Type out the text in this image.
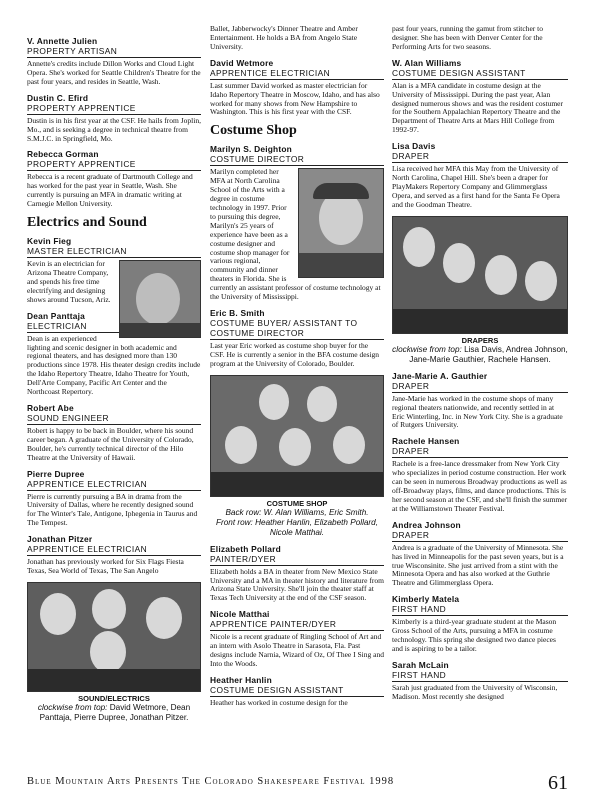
V. Annette Julien

PROPERTY ARTISAN

Annette's credits include Dillon Works and Cloud Light Opera. She's worked for Seattle Children's Theatre for the past four years, and resides in Seattle, Wash.

Dustin C. Efird

PROPERTY APPRENTICE

Dustin is in his first year at the CSF. He hails from Joplin, Mo., and is seeking a degree in technical theatre from S.M.J.C. in Springfield, Mo.

Rebecca Gorman

PROPERTY APPRENTICE

Rebecca is a recent graduate of Dartmouth College and has worked for the past year in Seattle, Wash. She currently is pursuing an MFA in dramatic writing at Carnegie Mellon University.

Electrics and Sound

Kevin Fieg

MASTER ELECTRICIAN

Kevin is an electrician for Arizona Theatre Company, and spends his free time electrifying and designing shows around Tucson, Ariz.

Dean Panttaja

ELECTRICIAN

Dean is an experienced lighting and scenic designer in both academic and regional theaters, and has designed more than 130 productions since 1978. His theater design credits include the Idaho Repertory Theatre, Idaho Theatre for Youth, Dell'Arte Company, Pacific Art Center and the Northcoast Repertory.

Robert Abe

SOUND ENGINEER

Robert is happy to be back in Boulder, where his sound career began. A graduate of the University of Colorado, Boulder, he's currently technical director of the Hilo Theatre at the University of Hawaii.

Pierre Dupree

APPRENTICE ELECTRICIAN

Pierre is currently pursuing a BA in drama from the University of Dallas, where he recently designed sound for The Winter's Tale, Antigone, Iphegenia in Taurus and The Tempest.

Jonathan Pitzer

APPRENTICE ELECTRICIAN

Jonathan has previously worked for Six Flags Fiesta Texas, Sea World of Texas, The San Angelo

SOUND/ELECTRICS

clockwise from top: David Wetmore, Dean Panttaja, Pierre Dupree, Jonathan Pitzer.

Ballet, Jabberwocky's Dinner Theatre and Amber Entertainment. He holds a BA from Angelo State University.

David Wetmore

APPRENTICE ELECTRICIAN

Last summer David worked as master electrician for Idaho Repertory Theatre in Moscow, Idaho, and has also worked for many shows from New Hampshire to Washington. This is his first year with the CSF.

Costume Shop

Marilyn S. Deighton

COSTUME DIRECTOR

Marilyn completed her MFA at North Carolina School of the Arts with a degree in costume technology in 1997. Prior to pursuing this degree, Marilyn's 25 years of experience have been as a costume designer and costume shop manager for various regional, community and dinner theaters in Florida. She is currently an assistant professor of costume technology at the University of Mississippi.

Eric B. Smith

COSTUME BUYER/ ASSISTANT TO COSTUME DIRECTOR

Last year Eric worked as costume shop buyer for the CSF. He is currently a senior in the BFA costume design program at the University of Colorado, Boulder.

COSTUME SHOP

Back row: W. Alan Williams, Eric Smith.

Front row: Heather Hanlin, Elizabeth Pollard, Nicole Matthai.

Elizabeth Pollard

PAINTER/DYER

Elizabeth holds a BA in theater from New Mexico State University and a MA in theater history and literature from Arizona State University. She'll join the theater staff at Texas Tech University at the end of the CSF season.

Nicole Matthai

APPRENTICE PAINTER/DYER

Nicole is a recent graduate of Ringling School of Art and an intern with Asolo Theatre in Sarasota, Fla. Past designs include Narnia, Wizard of Oz, Of Thee I Sing and Into the Woods.

Heather Hanlin

COSTUME DESIGN ASSISTANT

Heather has worked in costume design for the

past four years, running the gamut from stitcher to designer. She has been with Denver Center for the Performing Arts for two seasons.

W. Alan Williams

COSTUME DESIGN ASSISTANT

Alan is a MFA candidate in costume design at the University of Mississippi. During the past year, Alan designed numerous shows and was the resident costumer for the Southern Appalachian Repertory Theatre and the Department of Theatre Arts at Mars Hill College from 1992-97.

Lisa Davis

DRAPER

Lisa received her MFA this May from the University of North Carolina, Chapel Hill. She's been a draper for PlayMakers Repertory Company and Glimmerglass Opera, and served as a first hand for the Santa Fe Opera and the Goodman Theatre.

DRAPERS

clockwise from top: Lisa Davis, Andrea Johnson, Jane-Marie Gauthier, Rachele Hansen.

Jane-Marie A. Gauthier

DRAPER

Jane-Marie has worked in the costume shops of many regional theaters nationwide, and recently settled in at Eric Winterling, Inc. in New York City. She is a graduate of Rutgers University.

Rachele Hansen

DRAPER

Rachele is a free-lance dressmaker from New York City who specializes in period costume construction. Her work can be seen in numerous Broadway productions as well as off-Broadway plays, films, and dance productions. This is her second season at the CSF, and she'll finish the summer at the Williamstown Theater Festival.

Andrea Johnson

DRAPER

Andrea is a graduate of the University of Minnesota. She has lived in Minneapolis for the past seven years, but is a true Wisconsinite. She just arrived from a stint with the Minnesota Opera and has also worked at the Guthrie Theatre and Glimmerglass Opera.

Kimberly Matela

FIRST HAND

Kimberly is a third-year graduate student at the Mason Gross School of the Arts, pursuing a MFA in costume technology. This spring she designed two dance pieces and is aspiring to be a tailor.

Sarah McLain

FIRST HAND

Sarah just graduated from the University of Wisconsin, Madison. Most recently she designed

Blue Mountain Arts Presents The Colorado Shakespeare Festival 1998	61
